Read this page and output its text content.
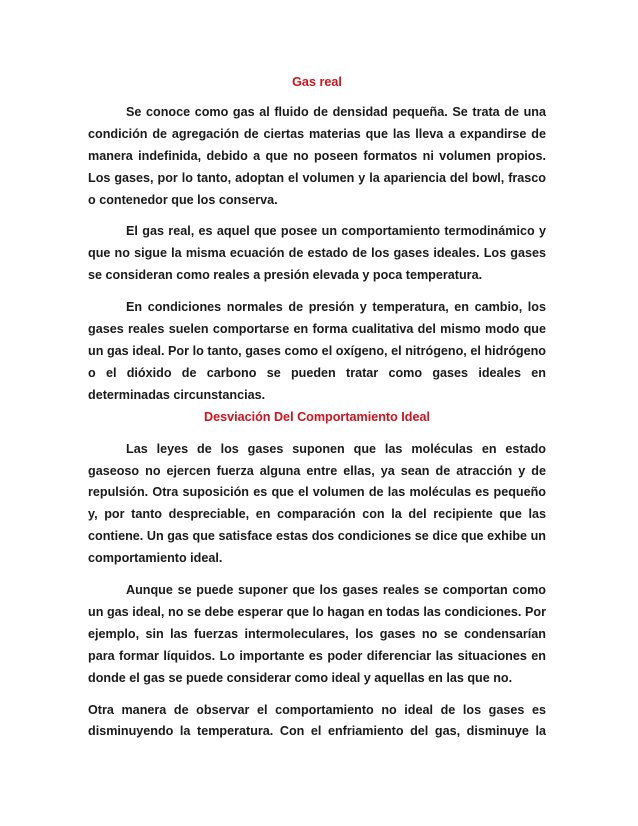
Gas real

Se conoce como gas al fluido de densidad pequeña. Se trata de una condición de agregación de ciertas materias que las lleva a expandirse de manera indefinida, debido a que no poseen formatos ni volumen propios. Los gases, por lo tanto, adoptan el volumen y la apariencia del bowl, frasco o contenedor que los conserva.

El gas real, es aquel que posee un comportamiento termodinámico y que no sigue la misma ecuación de estado de los gases ideales. Los gases se consideran como reales a presión elevada y poca temperatura.

En condiciones normales de presión y temperatura, en cambio, los gases reales suelen comportarse en forma cualitativa del mismo modo que un gas ideal. Por lo tanto, gases como el oxígeno, el nitrógeno, el hidrógeno o el dióxido de carbono se pueden tratar como gases ideales en determinadas circunstancias.

Desviación Del Comportamiento Ideal

Las leyes de los gases suponen que las moléculas en estado gaseoso no ejercen fuerza alguna entre ellas, ya sean de atracción y de repulsión. Otra suposición es que el volumen de las moléculas es pequeño y, por tanto despreciable, en comparación con la del recipiente que las contiene. Un gas que satisface estas dos condiciones se dice que exhibe un comportamiento ideal.

Aunque se puede suponer que los gases reales se comportan como un gas ideal, no se debe esperar que lo hagan en todas las condiciones. Por ejemplo, sin las fuerzas intermoleculares, los gases no se condensarían para formar líquidos. Lo importante es poder diferenciar las situaciones en donde el gas se puede considerar como ideal y aquellas en las que no.

Otra manera de observar el comportamiento no ideal de los gases es disminuyendo la temperatura. Con el enfriamiento del gas, disminuye la
